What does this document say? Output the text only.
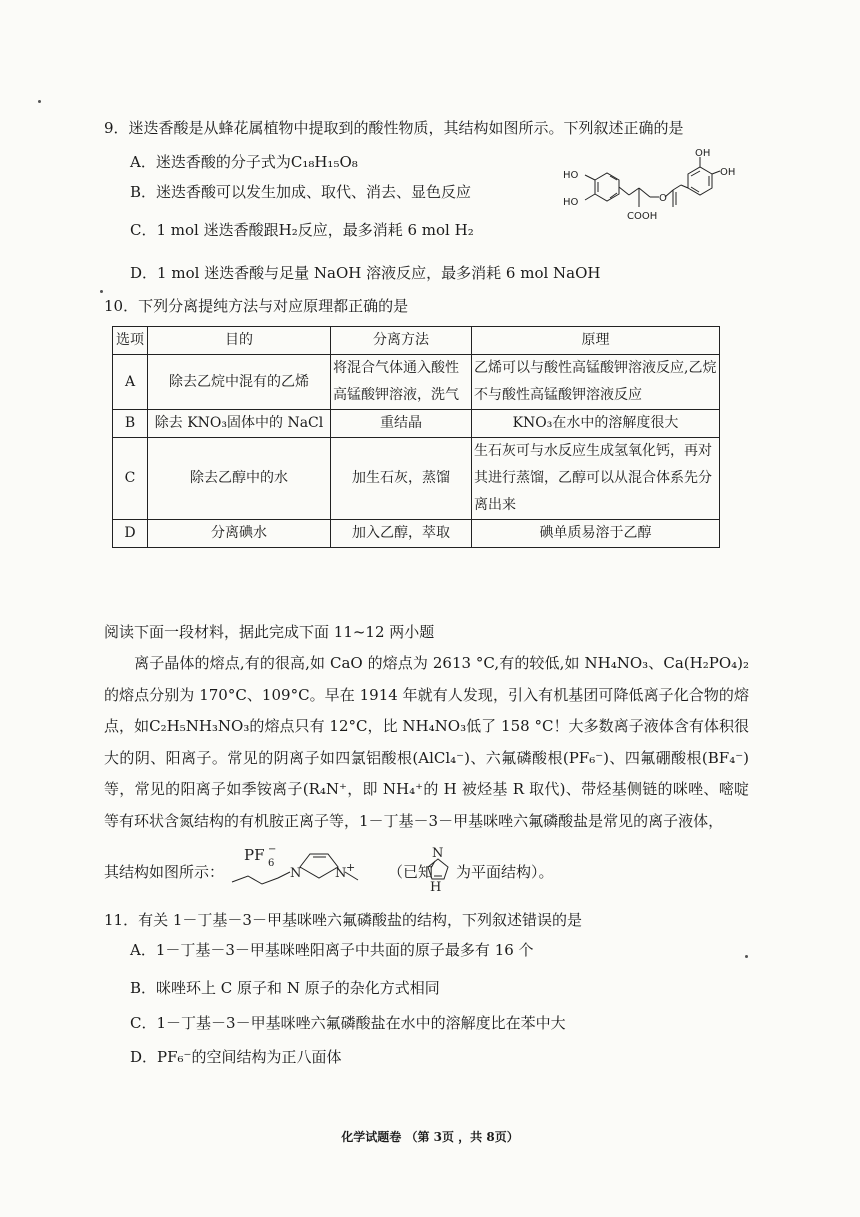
9．迷迭香酸是从蜂花属植物中提取到的酸性物质，其结构如图所示。下列叙述正确的是
A．迷迭香酸的分子式为C₁₈H₁₅O₈
B．迷迭香酸可以发生加成、取代、消去、显色反应
C．1 mol 迷迭香酸跟H₂反应，最多消耗 6 mol H₂
D．1 mol 迷迭香酸与足量 NaOH 溶液反应，最多消耗 6 mol NaOH
HO
HO
OH
OH
COOH
O
10．下列分离提纯方法与对应原理都正确的是
选项	目的	分离方法	原理
A	除去乙烷中混有的乙烯	将混合气体通入酸性高锰酸钾溶液，洗气	乙烯可以与酸性高锰酸钾溶液反应,乙烷不与酸性高锰酸钾溶液反应
B	除去 KNO₃固体中的 NaCl	重结晶	KNO₃在水中的溶解度很大
C	除去乙醇中的水	加生石灰，蒸馏	生石灰可与水反应生成氢氧化钙，再对其进行蒸馏，乙醇可以从混合体系先分离出来
D	分离碘水	加入乙醇，萃取	碘单质易溶于乙醇
阅读下面一段材料，据此完成下面 11~12 两小题
离子晶体的熔点,有的很高,如 CaO 的熔点为 2613 °C,有的较低,如 NH₄NO₃、Ca(H₂PO₄)₂的熔点分别为 170°C、109°C。早在 1914 年就有人发现，引入有机基团可降低离子化合物的熔点，如C₂H₅NH₃NO₃的熔点只有 12°C，比 NH₄NO₃低了 158 °C！大多数离子液体含有体积很大的阴、阳离子。常见的阴离子如四氯铝酸根(AlCl₄⁻)、六氟磷酸根(PF₆⁻)、四氟硼酸根(BF₄⁻)等，常见的阳离子如季铵离子(R₄N⁺，即 NH₄⁺的 H 被烃基 R 取代)、带烃基侧链的咪唑、嘧啶等有环状含氮结构的有机胺正离子等，1－丁基－3－甲基咪唑六氟磷酸盐是常见的离子液体，
其结构如图所示：
PF 6
−
N	N + （已知
N
H
为平面结构）。
11．有关 1－丁基－3－甲基咪唑六氟磷酸盐的结构，下列叙述错误的是
A．1－丁基－3－甲基咪唑阳离子中共面的原子最多有 16 个
B．咪唑环上 C 原子和 N 原子的杂化方式相同
C．1－丁基－3－甲基咪唑六氟磷酸盐在水中的溶解度比在苯中大
D．PF₆⁻的空间结构为正八面体
化学试题卷 （第 3页 ，共 8页）
